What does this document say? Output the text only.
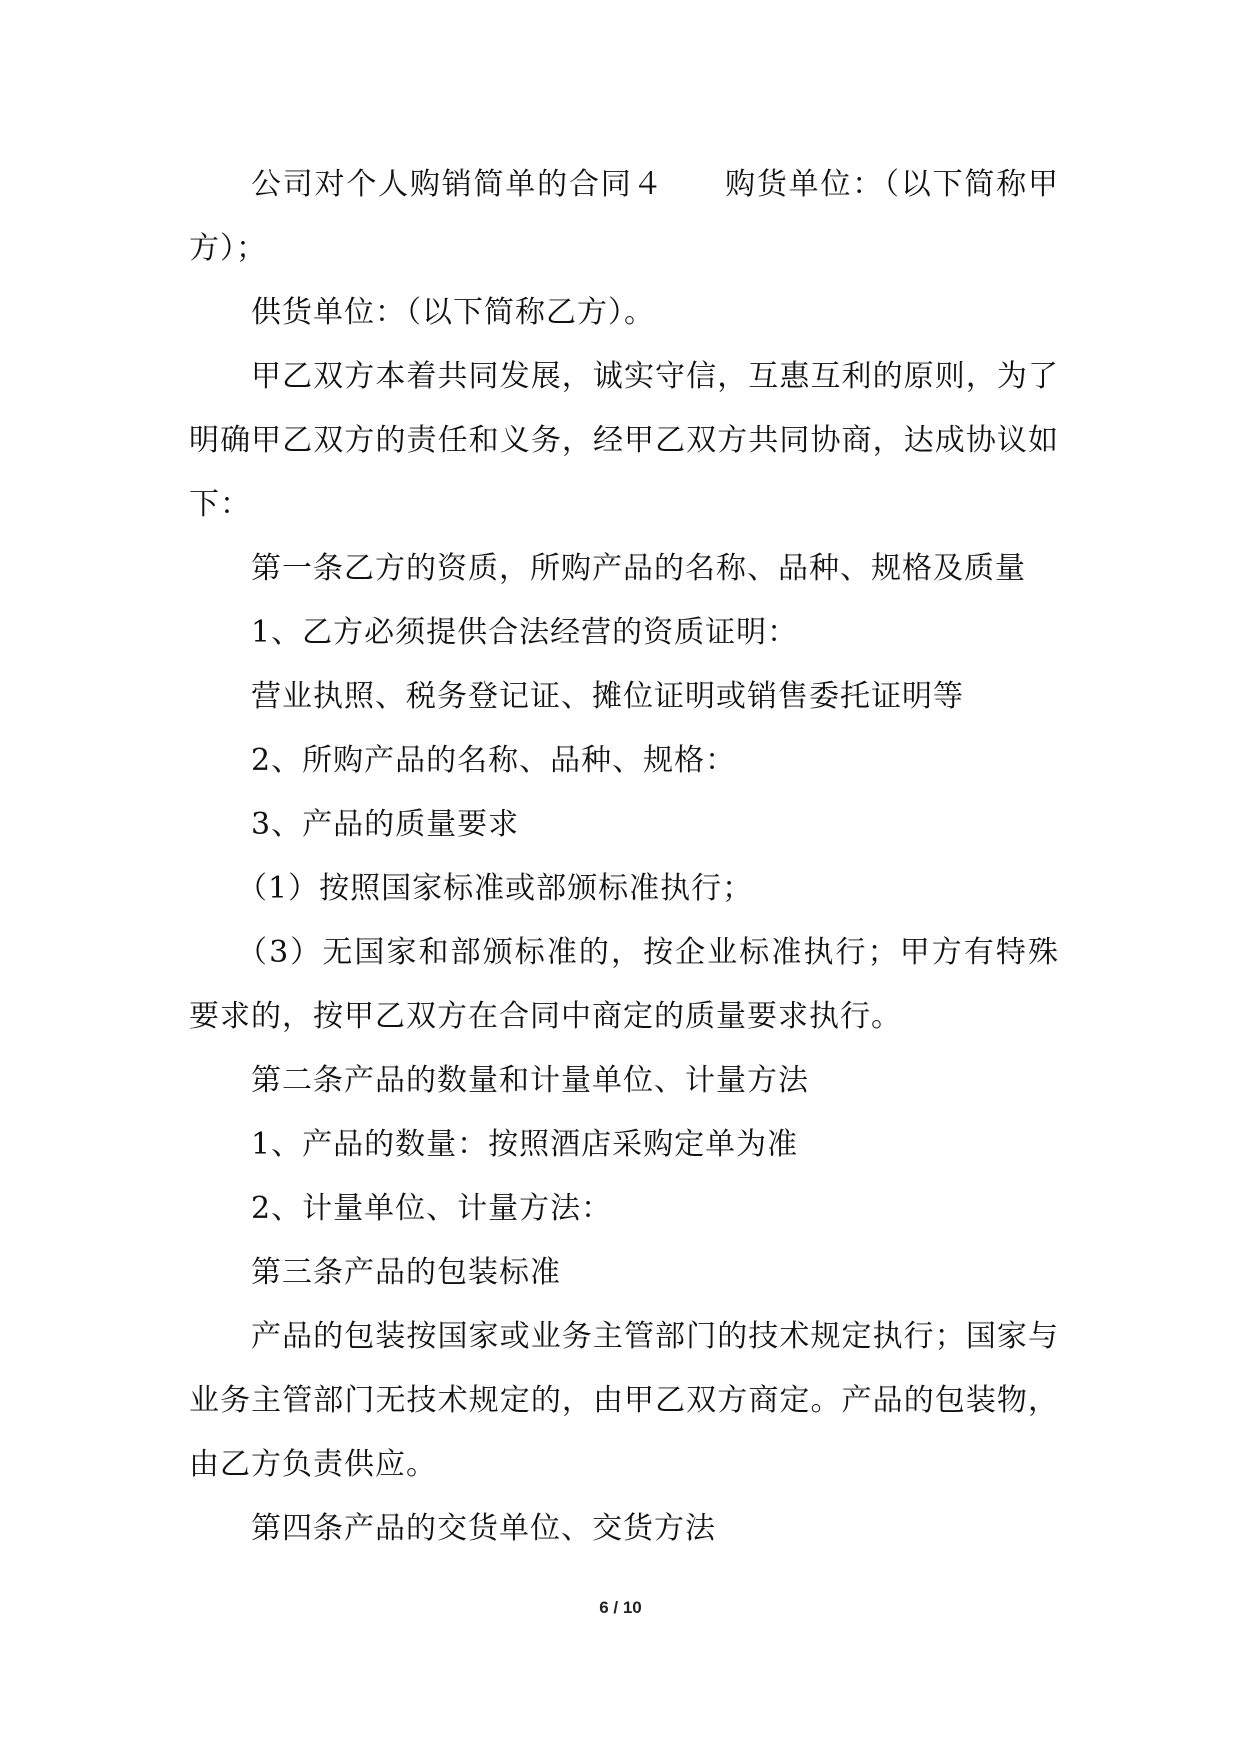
公司对个人购销简单的合同４ 购货单位：（以下简称甲方）；

供货单位：（以下简称乙方）。

甲乙双方本着共同发展，诚实守信，互惠互利的原则，为了明确甲乙双方的责任和义务，经甲乙双方共同协商，达成协议如下：

第一条乙方的资质，所购产品的名称、品种、规格及质量

1、乙方必须提供合法经营的资质证明：

营业执照、税务登记证、摊位证明或销售委托证明等

2、所购产品的名称、品种、规格：

3、产品的质量要求

（1）按照国家标准或部颁标准执行；

（3）无国家和部颁标准的，按企业标准执行；甲方有特殊要求的，按甲乙双方在合同中商定的质量要求执行。

第二条产品的数量和计量单位、计量方法

1、产品的数量：按照酒店采购定单为准

2、计量单位、计量方法：

第三条产品的包装标准

产品的包装按国家或业务主管部门的技术规定执行；国家与业务主管部门无技术规定的，由甲乙双方商定。产品的包装物，由乙方负责供应。

第四条产品的交货单位、交货方法

6 / 10
